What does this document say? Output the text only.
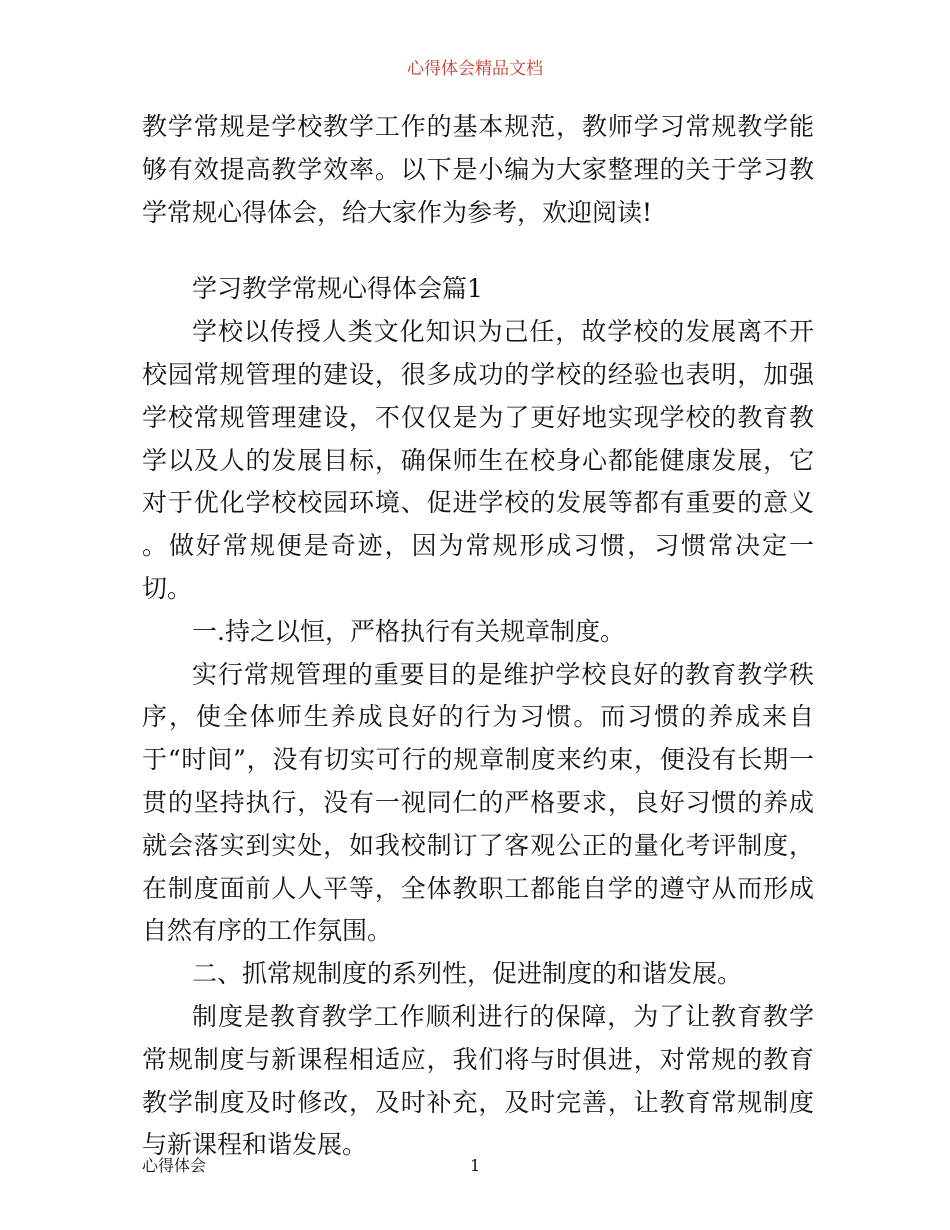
心得体会精品文档

教学常规是学校教学工作的基本规范，教师学习常规教学能够有效提高教学效率。以下是小编为大家整理的关于学习教学常规心得体会，给大家作为参考，欢迎阅读!

学习教学常规心得体会篇1

学校以传授人类文化知识为己任，故学校的发展离不开校园常规管理的建设，很多成功的学校的经验也表明，加强学校常规管理建设，不仅仅是为了更好地实现学校的教育教学以及人的发展目标，确保师生在校身心都能健康发展，它对于优化学校校园环境、促进学校的发展等都有重要的意义 。做好常规便是奇迹，因为常规形成习惯，习惯常决定一切。

一.持之以恒，严格执行有关规章制度。

实行常规管理的重要目的是维护学校良好的教育教学秩序，使全体师生养成良好的行为习惯。而习惯的养成来自于“时间”，没有切实可行的规章制度来约束，便没有长期一贯的坚持执行，没有一视同仁的严格要求，良好习惯的养成就会落实到实处，如我校制订了客观公正的量化考评制度，在制度面前人人平等，全体教职工都能自学的遵守从而形成自然有序的工作氛围。

二、抓常规制度的系列性，促进制度的和谐发展。

制度是教育教学工作顺利进行的保障，为了让教育教学常规制度与新课程相适应，我们将与时俱进，对常规的教育教学制度及时修改，及时补充，及时完善，让教育常规制度与新课程和谐发展。

心得体会	1
